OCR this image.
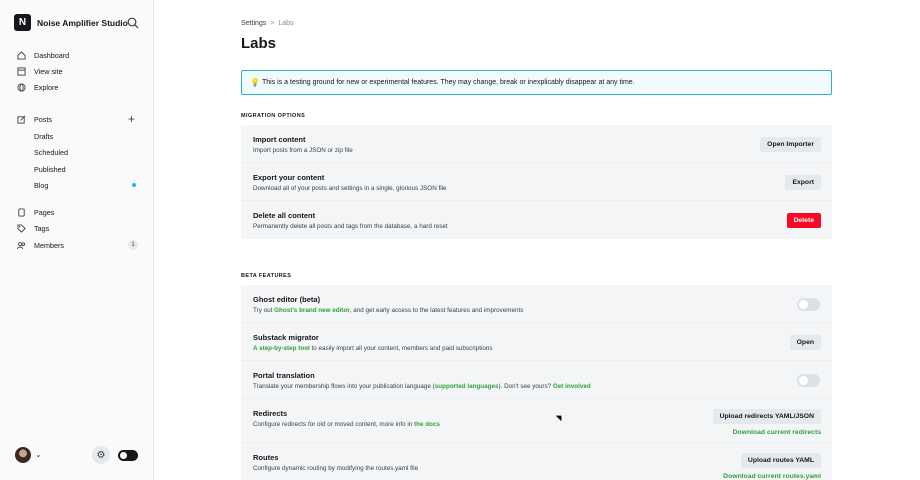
N	Noise Amplifier Studio
Dashboard
View site
Explore
Posts	+
Drafts
Scheduled
Published
Blog
Pages
Tags
Members	1
⌄	⚙
Settings > Labs
Labs
💡 This is a testing ground for new or experimental features. They may change, break or inexplicably disappear at any time.
MIGRATION OPTIONS
Import content
Import posts from a JSON or zip file
Open Importer
Export your content
Download all of your posts and settings in a single, glorious JSON file
Export
Delete all content
Permanently delete all posts and tags from the database, a hard reset
Delete
BETA FEATURES
Ghost editor (beta)
Try out Ghost's brand new editor, and get early access to the latest features and improvements
Substack migrator
A step-by-step tool to easily import all your content, members and paid subscriptions
Open
Portal translation
Translate your membership flows into your publication language (supported languages). Don't see yours? Get involved
Redirects
Configure redirects for old or moved content, more info in the docs
Upload redirects YAML/JSON
Download current redirects
Routes
Configure dynamic routing by modifying the routes.yaml file
Upload routes YAML
Download current routes.yaml
